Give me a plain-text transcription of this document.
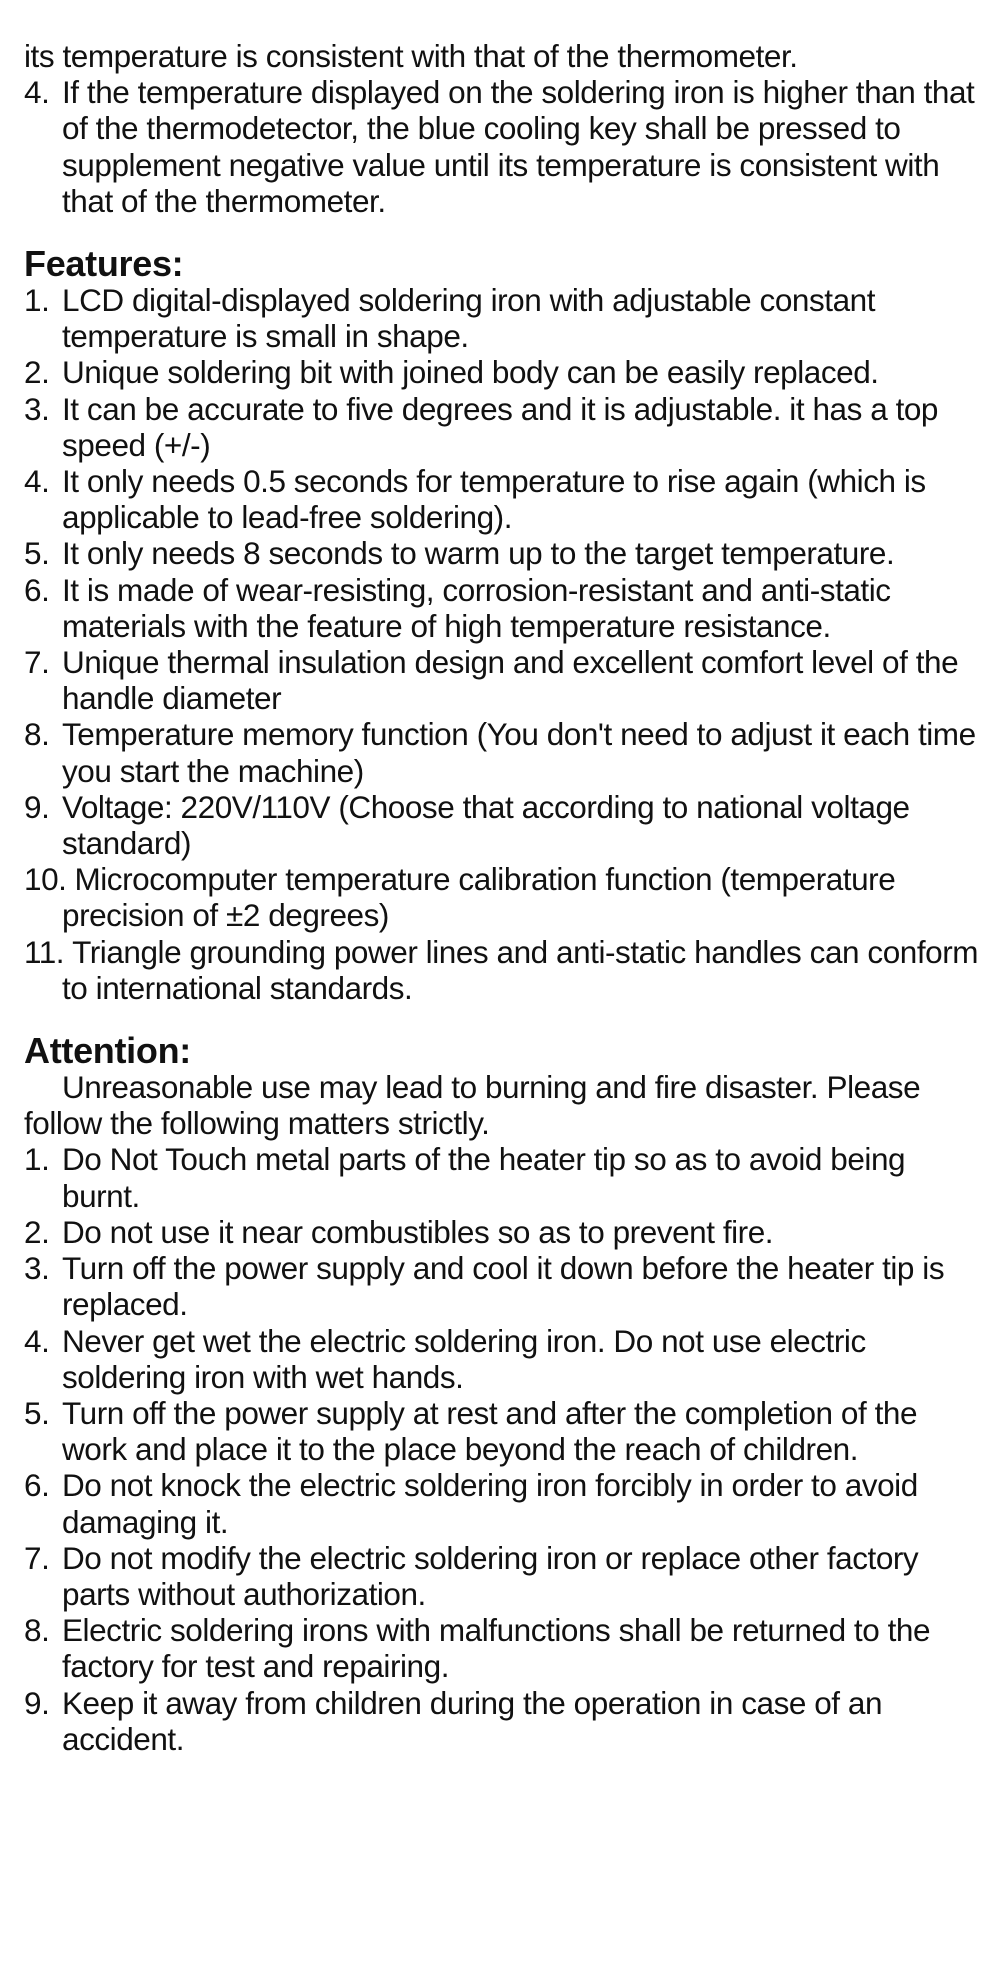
its temperature is consistent with that of the thermometer.
4. If the temperature displayed on the soldering iron is higher than that of the thermodetector, the blue cooling key shall be pressed to supplement negative value until its temperature is consistent with that of the thermometer.
Features:
1. LCD digital-displayed soldering iron with adjustable constant temperature is small in shape.
2. Unique soldering bit with joined body can be easily replaced.
3. It can be accurate to five degrees and it is adjustable. it has a top speed (+/-)
4. It only needs 0.5 seconds for temperature to rise again (which is applicable to lead-free soldering).
5. It only needs 8 seconds to warm up to the target temperature.
6. It is made of wear-resisting, corrosion-resistant and anti-static materials with the feature of high temperature resistance.
7. Unique thermal insulation design and excellent comfort level of the handle diameter
8. Temperature memory function (You don't need to adjust it each time you start the machine)
9. Voltage: 220V/110V (Choose that according to national voltage standard)
10. Microcomputer temperature calibration function (temperature precision of ±2 degrees)
11. Triangle grounding power lines and anti-static handles can conform to international standards.
Attention:
Unreasonable use may lead to burning and fire disaster. Please follow the following matters strictly.
1. Do Not Touch metal parts of the heater tip so as to avoid being burnt.
2. Do not use it near combustibles so as to prevent fire.
3. Turn off the power supply and cool it down before the heater tip is replaced.
4. Never get wet the electric soldering iron. Do not use electric soldering iron with wet hands.
5. Turn off the power supply at rest and after the completion of the work and place it to the place beyond the reach of children.
6. Do not knock the electric soldering iron forcibly in order to avoid damaging it.
7. Do not modify the electric soldering iron or replace other factory parts without authorization.
8. Electric soldering irons with malfunctions shall be returned to the factory for test and repairing.
9. Keep it away from children during the operation in case of an accident.
